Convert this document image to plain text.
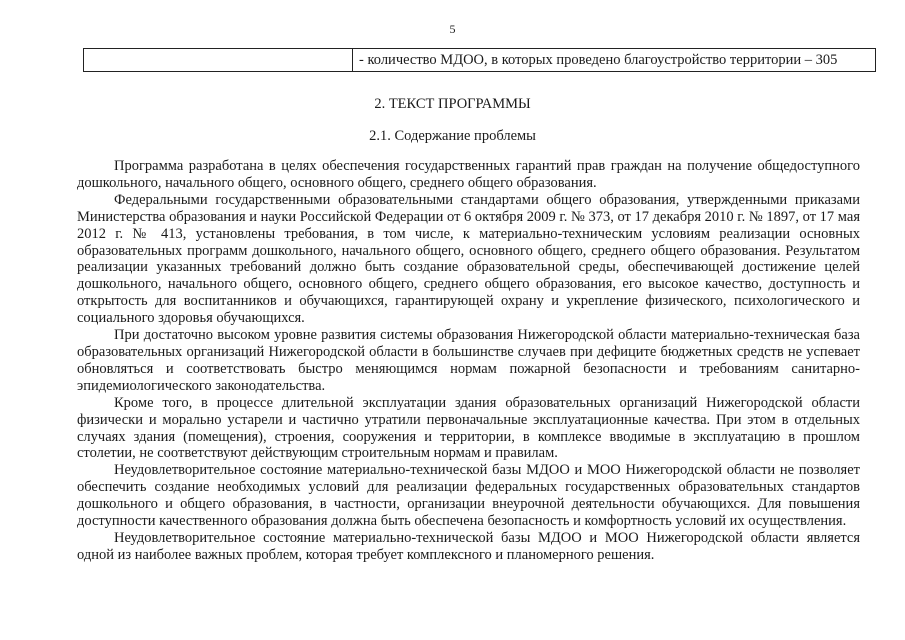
5
	- количество МДОО, в которых проведено благоустройство территории – 305
2. ТЕКСТ ПРОГРАММЫ
2.1. Содержание проблемы

Программа разработана в целях обеспечения государственных гарантий прав граждан на получение общедоступного дошкольного, начального общего, основного общего, среднего общего образования.

Федеральными государственными образовательными стандартами общего образования, утвержденными приказами Министерства образования и науки Российской Федерации от 6 октября 2009 г. № 373, от 17 декабря 2010 г. № 1897, от 17 мая 2012 г. № 413, установлены требования, в том числе, к материально-техническим условиям реализации основных образовательных программ дошкольного, начального общего, основного общего, среднего общего образования. Результатом реализации указанных требований должно быть создание образовательной среды, обеспечивающей достижение целей дошкольного, начального общего, основного общего, среднего общего образования, его высокое качество, доступность и открытость для воспитанников и обучающихся, гарантирующей охрану и укрепление физического, психологического и социального здоровья обучающихся.

При достаточно высоком уровне развития системы образования Нижегородской области материально-техническая база образовательных организаций Нижегородской области в большинстве случаев при дефиците бюджетных средств не успевает обновляться и соответствовать быстро меняющимся нормам пожарной безопасности и требованиям санитарно-эпидемиологического законодательства.

Кроме того, в процессе длительной эксплуатации здания образовательных организаций Нижегородской области физически и морально устарели и частично утратили первоначальные эксплуатационные качества. При этом в отдельных случаях здания (помещения), строения, сооружения и территории, в комплексе вводимые в эксплуатацию в прошлом столетии, не соответствуют действующим строительным нормам и правилам.

Неудовлетворительное состояние материально-технической базы МДОО и МОО Нижегородской области не позволяет обеспечить создание необходимых условий для реализации федеральных государственных образовательных стандартов дошкольного и общего образования, в частности, организации внеурочной деятельности обучающихся. Для повышения доступности качественного образования должна быть обеспечена безопасность и комфортность условий их осуществления.

Неудовлетворительное состояние материально-технической базы МДОО и МОО Нижегородской области является одной из наиболее важных проблем, которая требует комплексного и планомерного решения.
